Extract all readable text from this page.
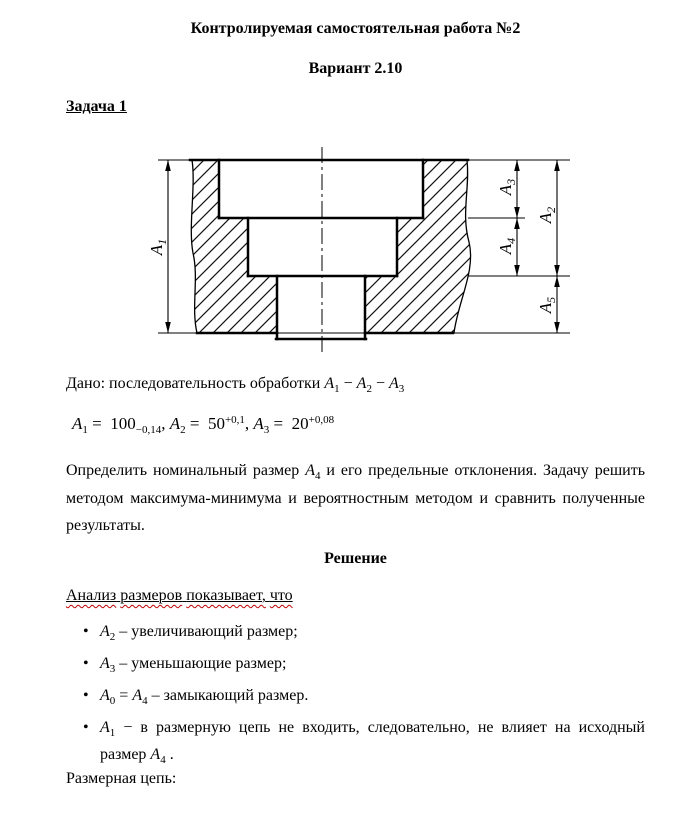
Контролируемая самостоятельная работа №2
Вариант 2.10
Задача 1
$A_1$
$A_3$
$A_4$
$A_2$
$A_5$
Дано: последовательность обработки $A_1 - A_2 - A_3$
$A_1 = 100_{-0,14}$, $A_2 = 50^{+0,1}$, $A_3 = 20^{+0,08}$
Определить номинальный размер $A_4$ и его предельные отклонения. Задачу решить методом максимума-минимума и вероятностным методом и сравнить полученные результаты.
Решение
Анализ размеров показывает, что
• $A_2$ – увеличивающий размер;
• $A_3$ – уменьшающие размер;
• $A_0 = A_4$ – замыкающий размер.
• $A_1 - в$ размерную цепь не входить, следовательно, не влияет на исходный размер $A_4$ .
Размерная цепь:
